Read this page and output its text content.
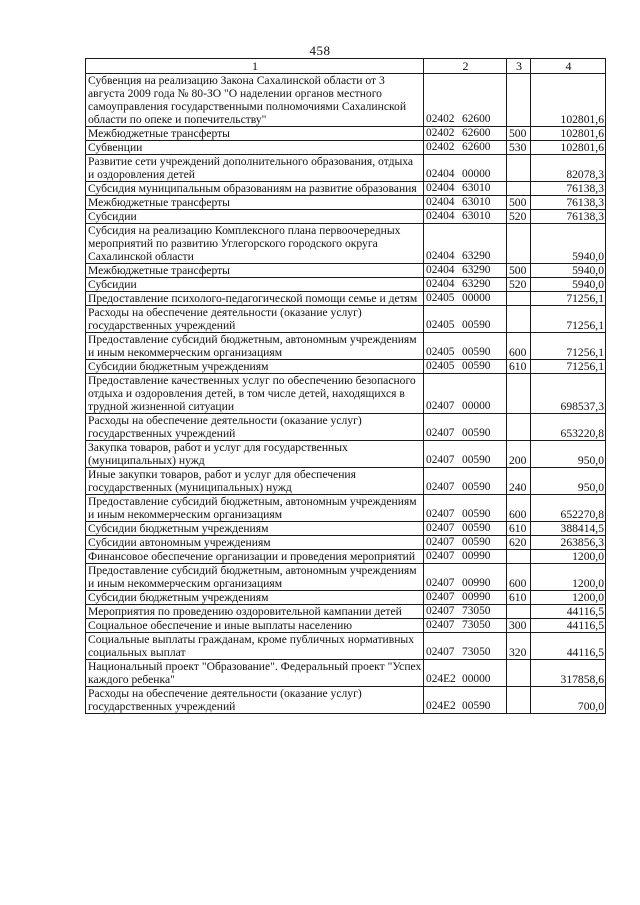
458
1	2	3	4
Субвенция на реализацию Закона Сахалинской области от 3 августа 2009 года № 80-ЗО "О наделении органов местного самоуправления государственными полномочиями Сахалинской области по опеке и попечительству"	02402 62600		102801,6
Межбюджетные трансферты	02402 62600	500	102801,6
Субвенции	02402 62600	530	102801,6
Развитие сети учреждений дополнительного образования, отдыха и оздоровления детей	02404 00000		82078,3
Субсидия муниципальным образованиям на развитие образования	02404 63010		76138,3
Межбюджетные трансферты	02404 63010	500	76138,3
Субсидии	02404 63010	520	76138,3
Субсидия на реализацию Комплексного плана первоочередных мероприятий по развитию Углегорского городского округа Сахалинской области	02404 63290		5940,0
Межбюджетные трансферты	02404 63290	500	5940,0
Субсидии	02404 63290	520	5940,0
Предоставление психолого-педагогической помощи семье и детям	02405 00000		71256,1
Расходы на обеспечение деятельности (оказание услуг) государственных учреждений	02405 00590		71256,1
Предоставление субсидий бюджетным, автономным учреждениям и иным некоммерческим организациям	02405 00590	600	71256,1
Субсидии бюджетным учреждениям	02405 00590	610	71256,1
Предоставление качественных услуг по обеспечению безопасного отдыха и оздоровления детей, в том числе детей, находящихся в трудной жизненной ситуации	02407 00000		698537,3
Расходы на обеспечение деятельности (оказание услуг) государственных учреждений	02407 00590		653220,8
Закупка товаров, работ и услуг для государственных (муниципальных) нужд	02407 00590	200	950,0
Иные закупки товаров, работ и услуг для обеспечения государственных (муниципальных) нужд	02407 00590	240	950,0
Предоставление субсидий бюджетным, автономным учреждениям и иным некоммерческим организациям	02407 00590	600	652270,8
Субсидии бюджетным учреждениям	02407 00590	610	388414,5
Субсидии автономным учреждениям	02407 00590	620	263856,3
Финансовое обеспечение организации и проведения мероприятий	02407 00990		1200,0
Предоставление субсидий бюджетным, автономным учреждениям и иным некоммерческим организациям	02407 00990	600	1200,0
Субсидии бюджетным учреждениям	02407 00990	610	1200,0
Мероприятия по проведению оздоровительной кампании детей	02407 73050		44116,5
Социальное обеспечение и иные выплаты населению	02407 73050	300	44116,5
Социальные выплаты гражданам, кроме публичных нормативных социальных выплат	02407 73050	320	44116,5
Национальный проект "Образование". Федеральный проект "Успех каждого ребенка"	024E2 00000		317858,6
Расходы на обеспечение деятельности (оказание услуг) государственных учреждений	024E2 00590		700,0
